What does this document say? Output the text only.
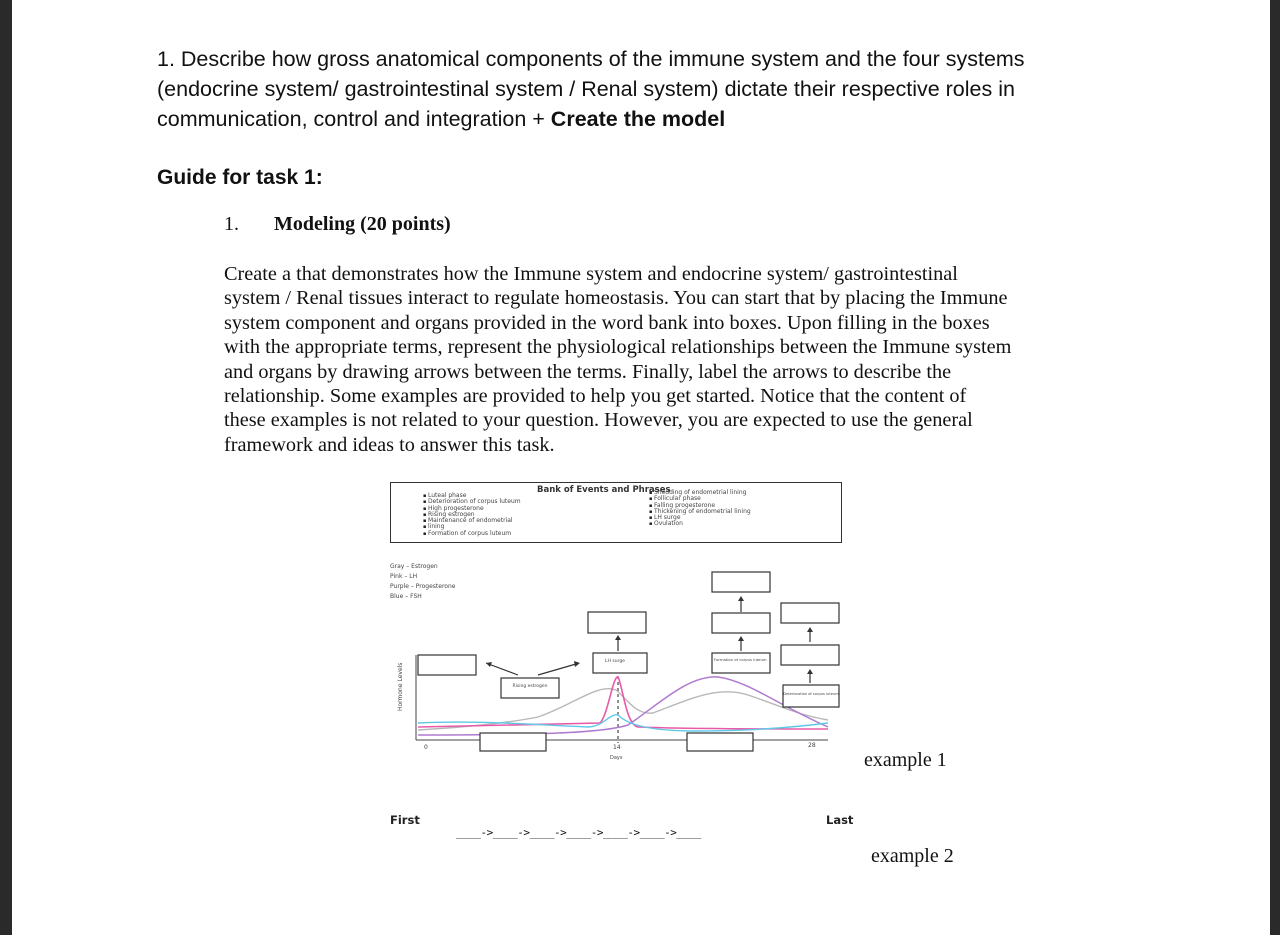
1. Describe how gross anatomical components of the immune system and the four systems
(endocrine system/ gastrointestinal system / Renal system) dictate their respective roles in
communication, control and integration + Create the model
Guide for task 1:
1. Modeling (20 points)
Create a that demonstrates how the Immune system and endocrine system/ gastrointestinal
system / Renal tissues interact to regulate homeostasis. You can start that by placing the Immune
system component and organs provided in the word bank into boxes. Upon filling in the boxes
with the appropriate terms, represent the physiological relationships between the Immune system
and organs by drawing arrows between the terms. Finally, label the arrows to describe the
relationship. Some examples are provided to help you get started. Notice that the content of
these examples is not related to your question. However, you are expected to use the general
framework and ideas to answer this task.
Bank of Events and Phrases
▪ Luteal phase
▪ Deterioration of corpus luteum
▪ High progesterone
▪ Rising estrogen
▪ Maintenance of endometrial
▪ lining
▪ Formation of corpus luteum
▪ Shedding of endometrial lining
▪ Follicular phase
▪ Falling progesterone
▪ Thickening of endometrial lining
▪ LH surge
▪ Ovulation
Gray – Estrogen
Pink – LH
Purple – Progesterone
Blue – FSH
Hormone Levels
0	14	28
Days
Rising estrogen
LH surge	Formation of corpus luteum
Deterioration of corpus luteum
example 1
First	Last
____->____->____->____->____->____->____
example 2
